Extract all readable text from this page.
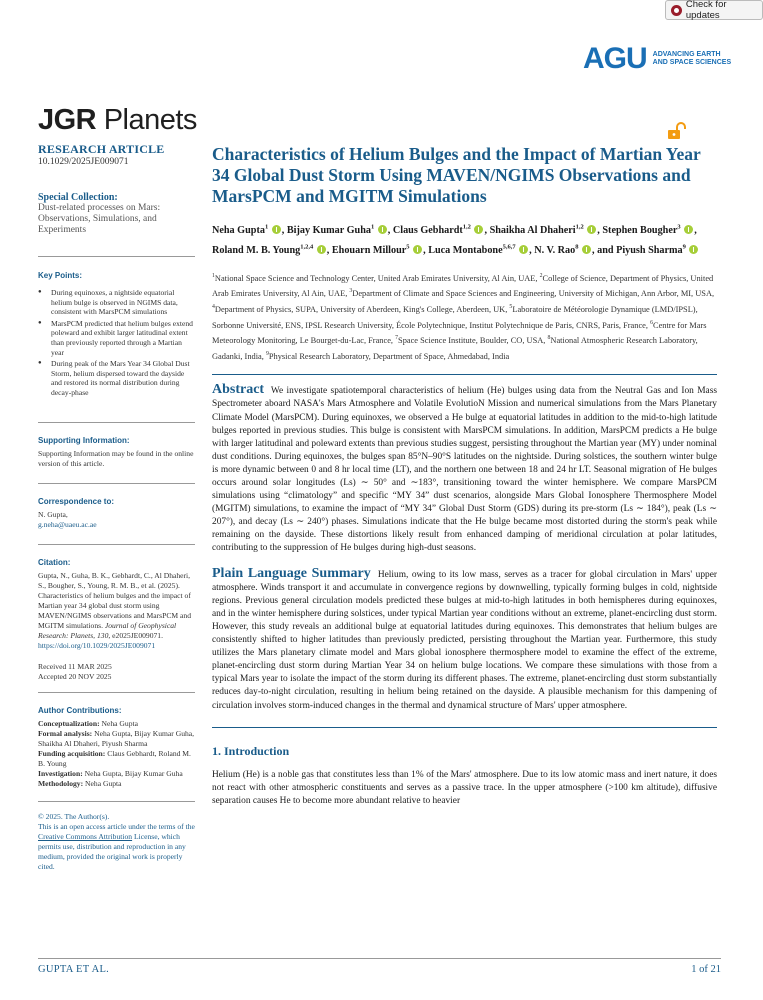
Check for updates
AGU ADVANCING EARTH AND SPACE SCIENCES
JGR Planets
RESEARCH ARTICLE
10.1029/2025JE009071
Special Collection:
Dust-related processes on Mars: Observations, Simulations, and Experiments
Key Points:
● During equinoxes, a nightside equatorial helium bulge is observed in NGIMS data, consistent with MarsPCM simulations
● MarsPCM predicted that helium bulges extend poleward and exhibit larger latitudinal extent than previously reported through a Martian year
● During peak of the Mars Year 34 Global Dust Storm, helium dispersed toward the dayside and restored its normal distribution during decay-phase
Supporting Information:
Supporting Information may be found in the online version of this article.
Correspondence to:
N. Gupta,
g.neha@uaeu.ac.ae
Citation:
Gupta, N., Guha, B. K., Gebhardt, C., Al Dhaheri, S., Bougher, S., Young, R. M. B., et al. (2025). Characteristics of helium bulges and the impact of Martian year 34 global dust storm using MAVEN/NGIMS observations and MarsPCM and MGITM simulations. Journal of Geophysical Research: Planets, 130, e2025JE009071.
https://doi.org/10.1029/2025JE009071
Received 11 MAR 2025
Accepted 20 NOV 2025
Author Contributions:
Conceptualization: Neha Gupta
Formal analysis: Neha Gupta, Bijay Kumar Guha, Shaikha Al Dhaheri, Piyush Sharma
Funding acquisition: Claus Gebhardt, Roland M. B. Young
Investigation: Neha Gupta, Bijay Kumar Guha
Methodology: Neha Gupta
© 2025. The Author(s).
This is an open access article under the terms of the Creative Commons Attribution License, which permits use, distribution and reproduction in any medium, provided the original work is properly cited.
Characteristics of Helium Bulges and the Impact of Martian Year 34 Global Dust Storm Using MAVEN/NGIMS Observations and MarsPCM and MGITM Simulations
Neha Gupta$^1$ , Bijay Kumar Guha$^1$ , Claus Gebhardt$^{1,2}$ , Shaikha Al Dhaheri$^{1,2}$ , Stephen Bougher$^3$ , Roland M. B. Young$^{1,2,4}$ , Ehouarn Millour$^5$ , Luca Montabone$^{5,6,7}$ , N. V. Rao$^8$ , and Piyush Sharma$^9$
$^1$National Space Science and Technology Center, United Arab Emirates University, Al Ain, UAE, $^2$College of Science, Department of Physics, United Arab Emirates University, Al Ain, UAE, $^3$Department of Climate and Space Sciences and Engineering, University of Michigan, Ann Arbor, MI, USA, $^4$Department of Physics, SUPA, University of Aberdeen, King's College, Aberdeen, UK, $^5$Laboratoire de Météorologie Dynamique (LMD/IPSL), Sorbonne Université, ENS, IPSL Research University, École Polytechnique, Institut Polytechnique de Paris, CNRS, Paris, France, $^6$Centre for Mars Meteorology Monitoring, Le Bourget-du-Lac, France, $^7$Space Science Institute, Boulder, CO, USA, $^8$National Atmospheric Research Laboratory, Gadanki, India, $^9$Physical Research Laboratory, Department of Space, Ahmedabad, India
Abstract We investigate spatiotemporal characteristics of helium (He) bulges using data from the Neutral Gas and Ion Mass Spectrometer aboard NASA's Mars Atmosphere and Volatile EvolutioN Mission and numerical simulations from the Mars Planetary Climate Model (MarsPCM). During equinoxes, we observed a He bulge at equatorial latitudes in addition to the mid-to-high latitude bulges reported in previous studies. This bulge is consistent with MarsPCM simulations. In addition, MarsPCM predicts a He bulge with larger latitudinal and poleward extents than previous studies suggest, persisting throughout the Martian year (MY) under nominal dust conditions. During equinoxes, the bulges span 85°N–90°S latitudes on the nightside. During solstices, the southern winter bulge is more dynamic between 0 and 8 hr local time (LT), and the northern one between 18 and 24 hr LT. Seasonal migration of He bulges occurs around solar longitudes (Ls) ∼ 50° and ∼183°, transitioning toward the winter hemisphere. We compare MarsPCM simulations using “climatology” and specific “MY 34” dust scenarios, alongside Mars Global Ionosphere Thermosphere Model (MGITM) simulations, to examine the impact of “MY 34” Global Dust Storm (GDS) during its pre-storm (Ls ∼ 184°), peak (Ls ∼ 207°), and decay (Ls ∼ 240°) phases. Simulations indicate that the He bulge became most distorted during the storm's peak while remaining on the dayside. These distortions likely result from enhanced damping of meridional circulation at polar latitudes, contributing to the suppression of He bulges during high-dust seasons.
Plain Language Summary Helium, owing to its low mass, serves as a tracer for global circulation in Mars' upper atmosphere. Winds transport it and accumulate in convergence regions by downwelling, typically forming bulges in cold, nightside regions. Previous general circulation models predicted these bulges at mid-to-high latitudes in both hemispheres during equinoxes, and in the winter hemisphere during solstices, under typical Martian year conditions without an extreme, planet-encircling dust storm. However, this study reveals an additional bulge at equatorial latitudes during equinoxes. This demonstrates that helium bulges are consistently shifted to higher latitudes than previously predicted, persisting throughout the Martian year. Furthermore, this study utilizes the Mars planetary climate model and Mars global ionosphere thermosphere model to examine the effect of the extreme, planet-encircling dust storm during Martian Year 34 on helium bulge locations. We compare these simulations with those from a typical Mars year to isolate the impact of the storm during its different phases. The extreme, planet-encircling dust storm substantially reduces day-to-night circulation, resulting in helium being retained on the dayside. A plausible mechanism for this dampening of circulation involves storm-induced changes in the thermal and dynamical structure of Mars' upper atmosphere.
1. Introduction
Helium (He) is a noble gas that constitutes less than 1% of the Mars' atmosphere. Due to its low atomic mass and inert nature, it does not react with other atmospheric constituents and serves as a passive trace. In the upper atmosphere (>100 km altitude), diffusive separation causes He to become more abundant relative to heavier
GUPTA ET AL.	1 of 21
